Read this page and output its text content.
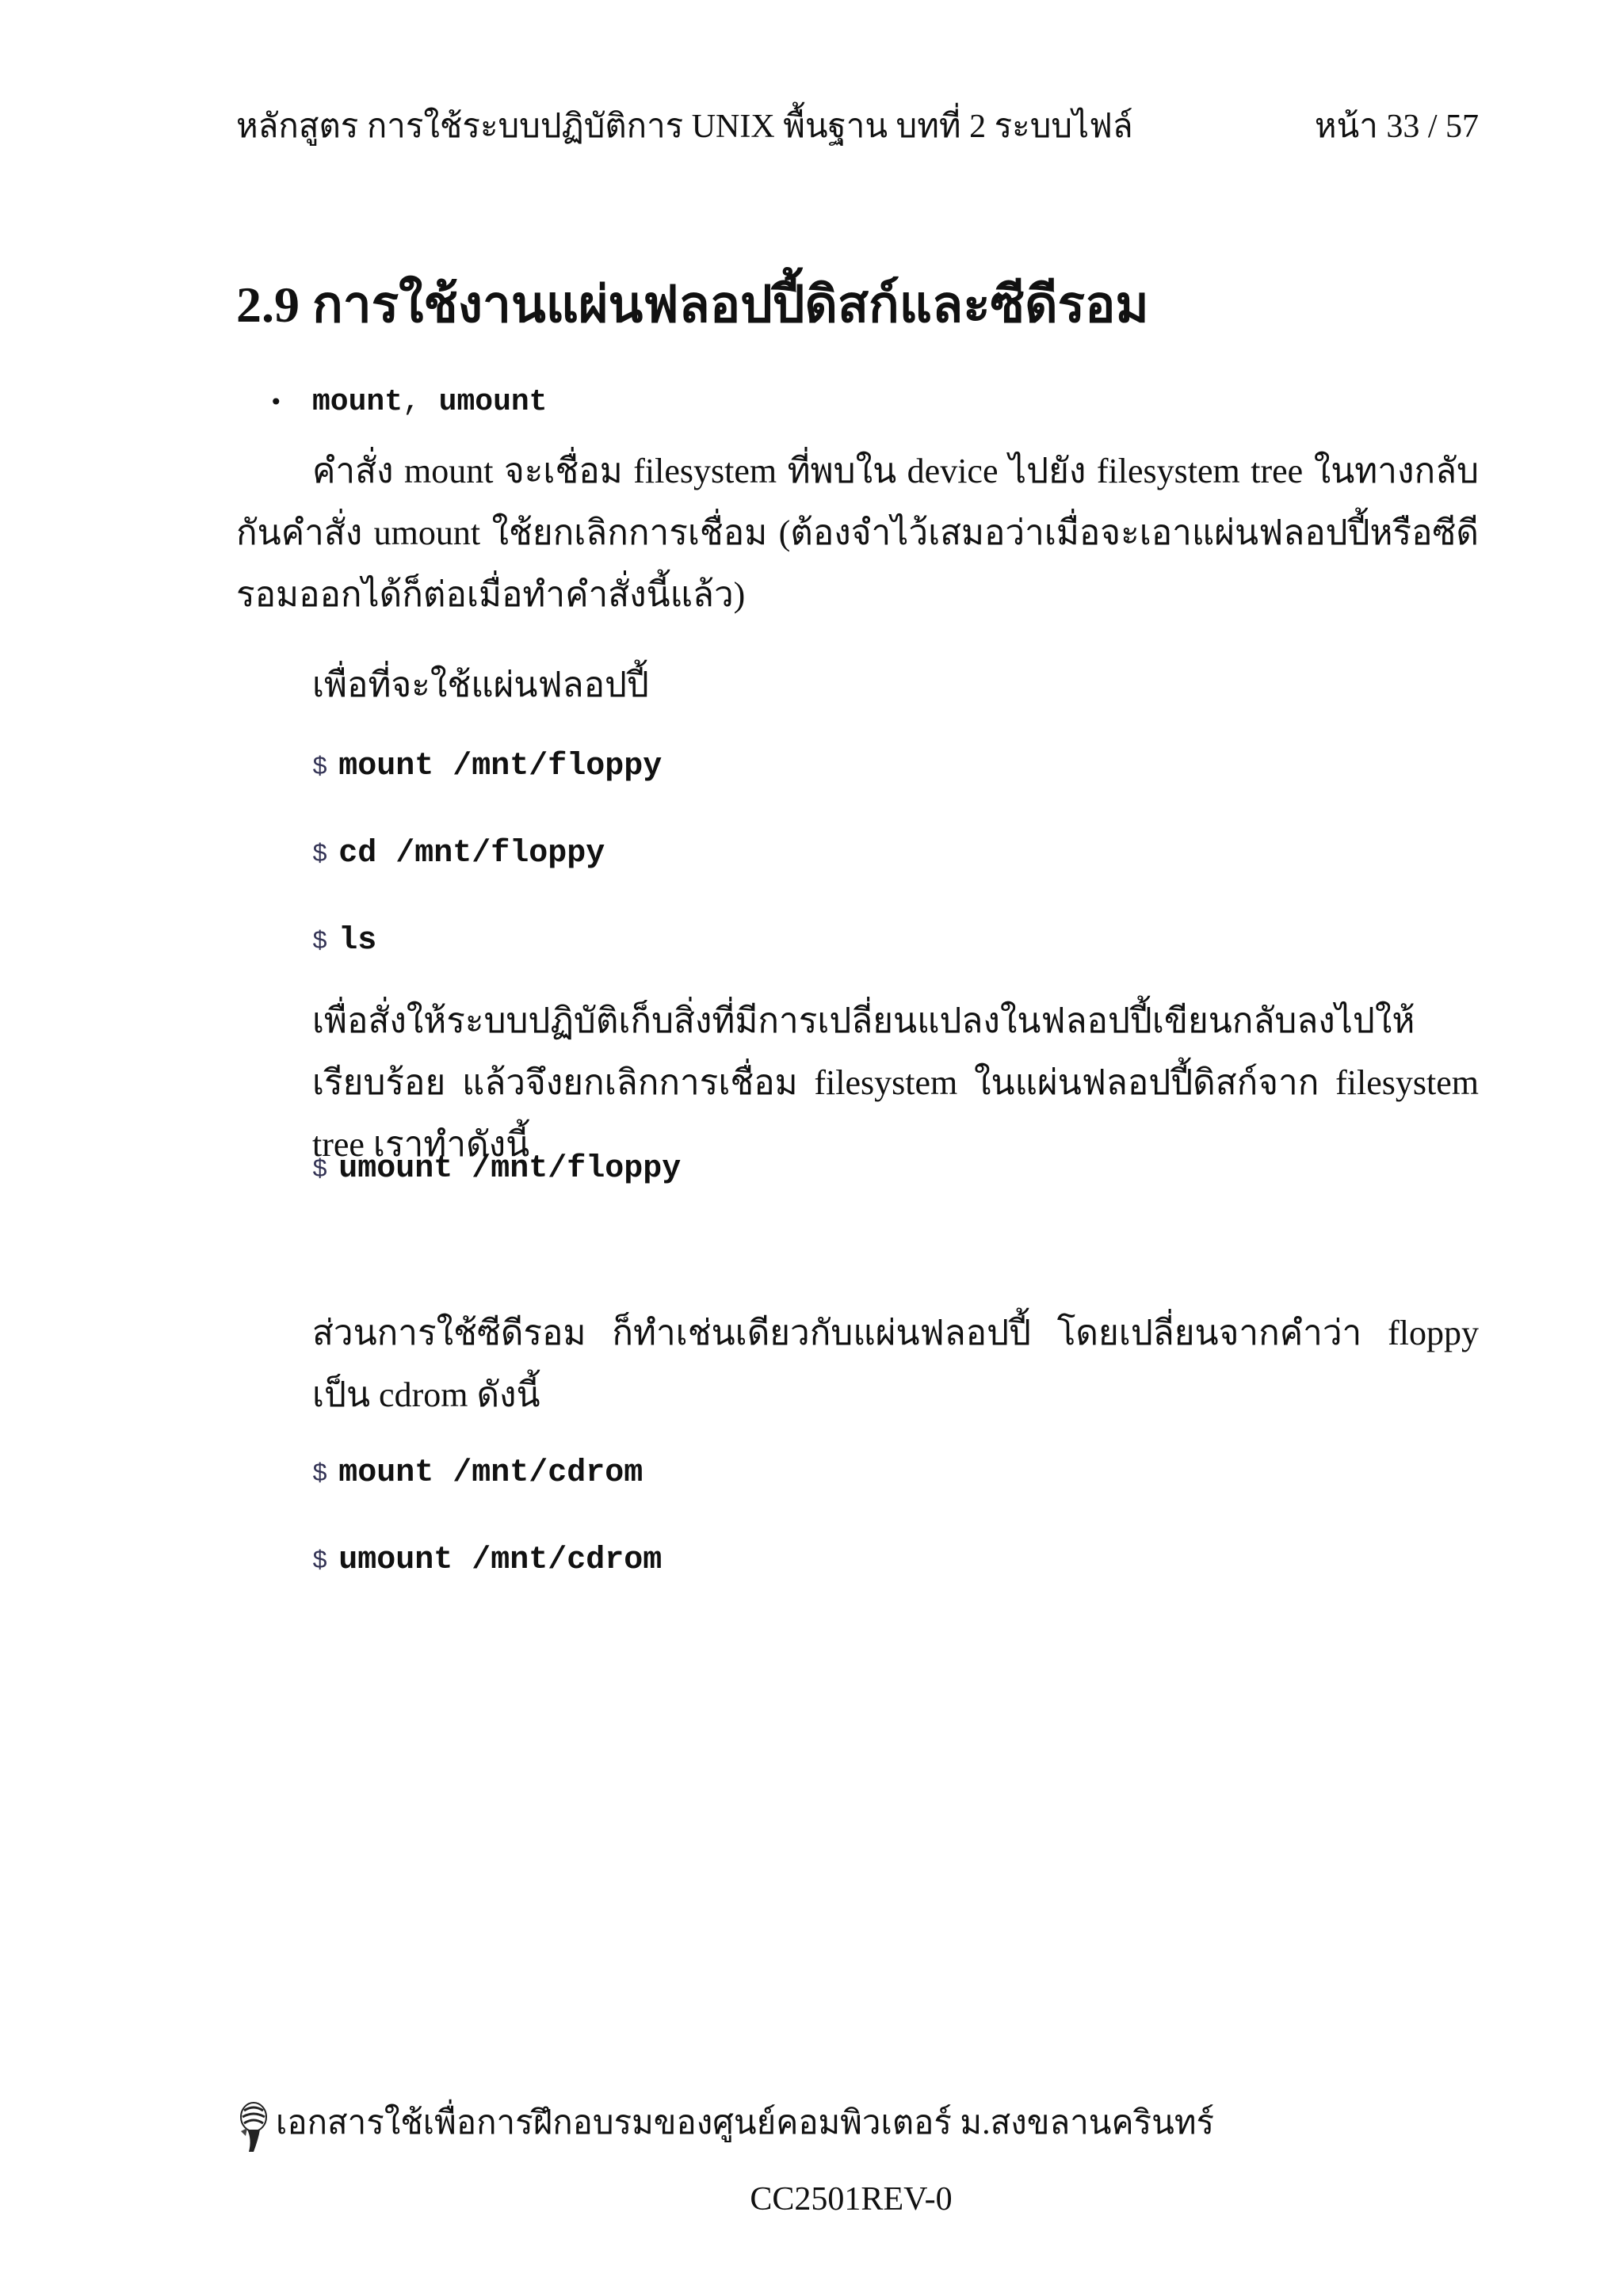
หลักสูตร การใช้ระบบปฏิบัติการ UNIX พื้นฐาน บทที่ 2 ระบบไฟล์	หน้า 33 / 57
2.9 การใช้งานแผ่นฟลอปปี้ดิสก์และซีดีรอม
• mount, umount
คำสั่ง mount จะเชื่อม filesystem ที่พบใน device ไปยัง filesystem tree ในทางกลับกันคำสั่ง umount ใช้ยกเลิกการเชื่อม (ต้องจำไว้เสมอว่าเมื่อจะเอาแผ่นฟลอปปี้หรือซีดีรอมออกได้ก็ต่อเมื่อทำคำสั่งนี้แล้ว)
เพื่อที่จะใช้แผ่นฟลอปปี้
$ mount /mnt/floppy
$ cd /mnt/floppy
$ ls
เพื่อสั่งให้ระบบปฏิบัติเก็บสิ่งที่มีการเปลี่ยนแปลงในฟลอปปี้เขียนกลับลงไปให้เรียบร้อย แล้วจึงยกเลิกการเชื่อม filesystem ในแผ่นฟลอปปี้ดิสก์จาก filesystem tree เราทำดังนี้
$ umount /mnt/floppy
ส่วนการใช้ซีดีรอม ก็ทำเช่นเดียวกับแผ่นฟลอปปี้ โดยเปลี่ยนจากคำว่า floppy เป็น cdrom ดังนี้
$ mount /mnt/cdrom
$ umount /mnt/cdrom
เอกสารใช้เพื่อการฝึกอบรมของศูนย์คอมพิวเตอร์ ม.สงขลานครินทร์
CC2501REV-0
